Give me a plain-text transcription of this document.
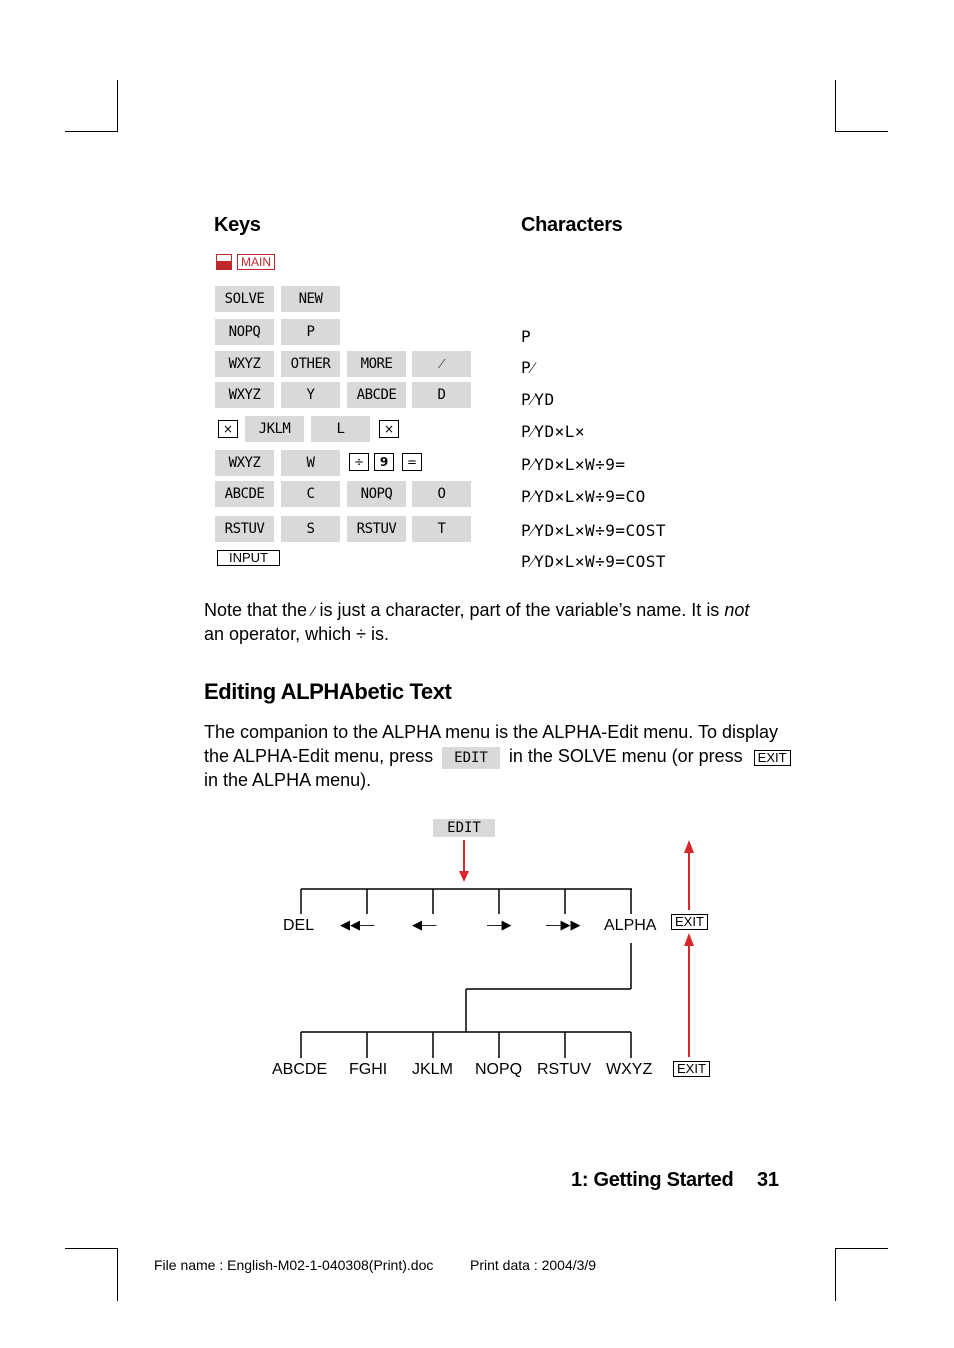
Keys	Characters
MAIN
SOLVE	NEW
NOPQ	P	P
WXYZ	OTHER	MORE	⁄	P⁄
WXYZ	Y	ABCDE	D	P⁄YD
×	JKLM	L	×	P⁄YD×L×
WXYZ	W	÷	9	=	P⁄YD×L×W÷9=
ABCDE	C	NOPQ	O	P⁄YD×L×W÷9=CO
RSTUV	S	RSTUV	T	P⁄YD×L×W÷9=COST
INPUT	P⁄YD×L×W÷9=COST
Note that the ⁄ is just a character, part of the variable’s name. It is not
an operator, which ÷ is.
Editing ALPHAbetic Text
The companion to the ALPHA menu is the ALPHA-Edit menu. To display
the ALPHA-Edit menu, press EDIT in the SOLVE menu (or press EXIT
in the ALPHA menu).
EDIT
DEL ◀◀––	◀––	––▶	––▶▶ ALPHA	EXIT
ABCDE FGHI JKLM NOPQ RSTUV WXYZ	EXIT
1: Getting Started 31
File name : English-M02-1-040308(Print).doc	Print data : 2004/3/9
